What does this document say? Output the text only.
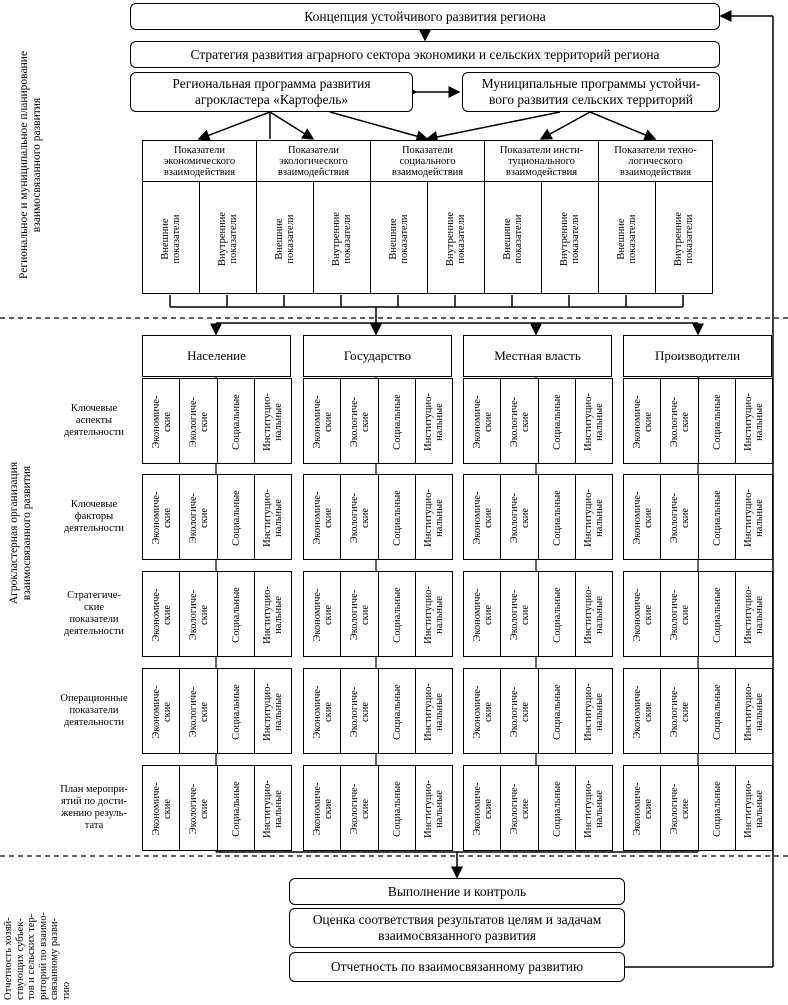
Концепция устойчивого развития региона
Стратегия развития аграрного сектора экономики и сельских территорий региона
Региональная программа развития
агрокластера «Картофель»
Муниципальные программы устойчи-
вого развития сельских территорий
Региональное и муниципальное планирование взаимосвязанного развития
Агрокластерная организация взаимосвязанного развития
Отчетность хозяй- ствующих субъек- тов и сельских тер- риторий по взаимо- связанному разви- тию
Показатели
экономического
взаимодействия
Внешние показатели	Внутренние показатели
Показатели
экологического
взаимодействия
Внешние показатели	Внутренние показатели
Показатели
социального
взаимодействия
Внешние показатели	Внутренние показатели
Показатели инсти-
туционального
взаимодействия
Внешние показатели	Внутренние показатели
Показатели техно-
логического
взаимодействия
Внешние показатели	Внутренние показатели
Население	Государство	Местная власть	Производители
Ключевые
аспекты
деятельности	Экономиче- ские Экологиче- ские Социальные Институцио- нальные	Экономиче- ские Экологиче- ские Социальные Институцио- нальные	Экономиче- ские Экологиче- ские Социальные Институцио- нальные	Экономиче- ские Экологиче- ские Социальные Институцио- нальные
Ключевые
факторы
деятельности	Экономиче- ские Экологиче- ские Социальные Институцио- нальные	Экономиче- ские Экологиче- ские Социальные Институцио- нальные	Экономиче- ские Экологиче- ские Социальные Институцио- нальные	Экономиче- ские Экологиче- ские Социальные Институцио- нальные
Стратегиче-
ские
показатели
деятельности	Экономиче- ские Экологиче- ские Социальные Институцио- нальные	Экономиче- ские Экологиче- ские Социальные Институцио- нальные	Экономиче- ские Экологиче- ские Социальные Институцио- нальные	Экономиче- ские Экологиче- ские Социальные Институцио- нальные
Операционные
показатели
деятельности	Экономиче- ские Экологиче- ские Социальные Институцио- нальные	Экономиче- ские Экологиче- ские Социальные Институцио- нальные	Экономиче- ские Экологиче- ские Социальные Институцио- нальные	Экономиче- ские Экологиче- ские Социальные Институцио- нальные
План меропри-
ятий по дости-
жению резуль-
тата	Экономиче- ские Экологиче- ские Социальные Институцио- нальные	Экономиче- ские Экологиче- ские Социальные Институцио- нальные	Экономиче- ские Экологиче- ские Социальные Институцио- нальные	Экономиче- ские Экологиче- ские Социальные Институцио- нальные
Выполнение и контроль
Оценка соответствия результатов целям и задачам
взаимосвязанного развития
Отчетность по взаимосвязанному развитию
